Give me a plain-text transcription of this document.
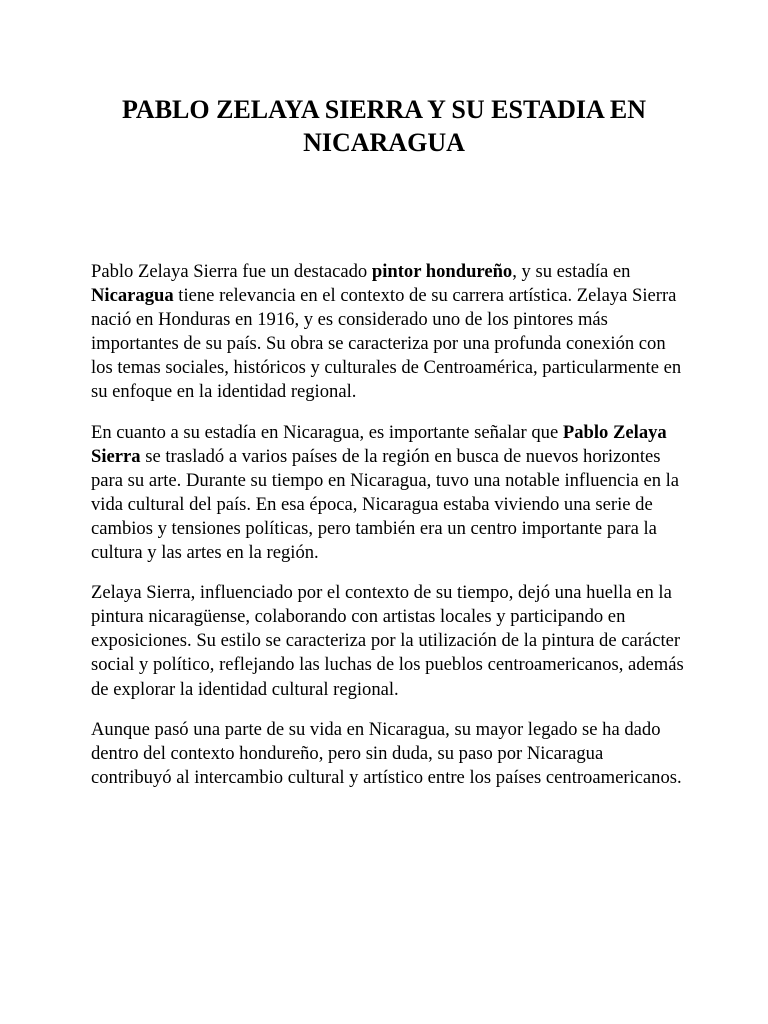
PABLO ZELAYA SIERRA Y SU ESTADIA EN NICARAGUA

Pablo Zelaya Sierra fue un destacado pintor hondureño, y su estadía en Nicaragua tiene relevancia en el contexto de su carrera artística. Zelaya Sierra nació en Honduras en 1916, y es considerado uno de los pintores más importantes de su país. Su obra se caracteriza por una profunda conexión con los temas sociales, históricos y culturales de Centroamérica, particularmente en su enfoque en la identidad regional.

En cuanto a su estadía en Nicaragua, es importante señalar que Pablo Zelaya Sierra se trasladó a varios países de la región en busca de nuevos horizontes para su arte. Durante su tiempo en Nicaragua, tuvo una notable influencia en la vida cultural del país. En esa época, Nicaragua estaba viviendo una serie de cambios y tensiones políticas, pero también era un centro importante para la cultura y las artes en la región.

Zelaya Sierra, influenciado por el contexto de su tiempo, dejó una huella en la pintura nicaragüense, colaborando con artistas locales y participando en exposiciones. Su estilo se caracteriza por la utilización de la pintura de carácter social y político, reflejando las luchas de los pueblos centroamericanos, además de explorar la identidad cultural regional.

Aunque pasó una parte de su vida en Nicaragua, su mayor legado se ha dado dentro del contexto hondureño, pero sin duda, su paso por Nicaragua contribuyó al intercambio cultural y artístico entre los países centroamericanos.
